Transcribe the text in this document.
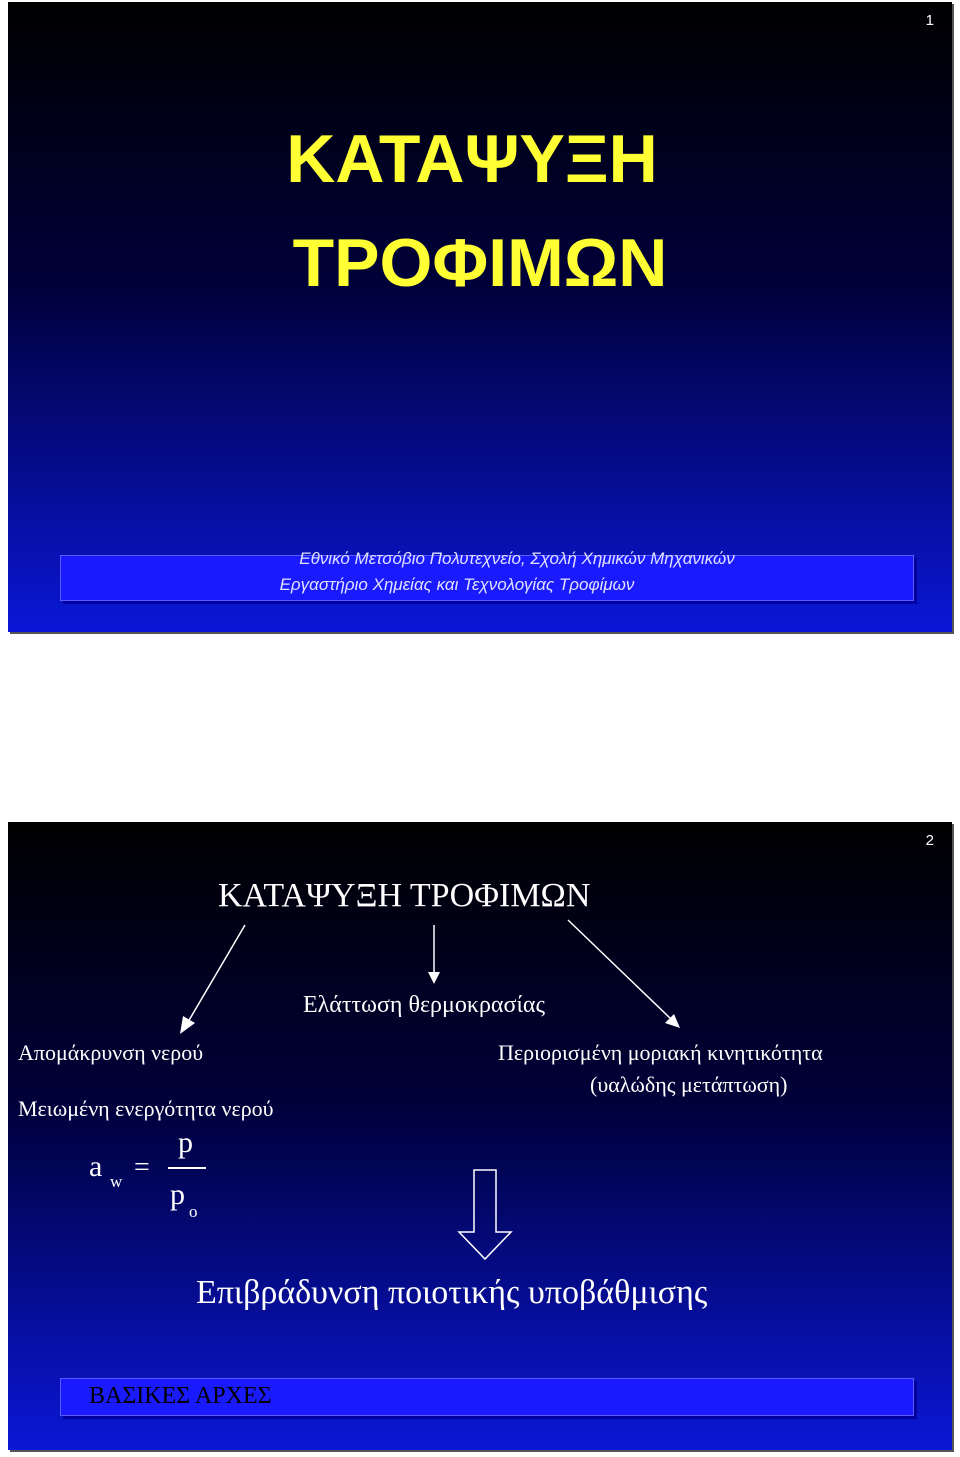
1
ΚΑΤΑΨΥΞΗ
ΤΡΟΦΙΜΩΝ
Εθνικό Μετσόβιο Πολυτεχνείο, Σχολή Χημικών Μηχανικών
Εργαστήριο Χημείας και Τεχνολογίας Τροφίμων
2
ΚΑΤΑΨΥΞΗ ΤΡΟΦΙΜΩΝ
Ελάττωση θερμοκρασίας
Απομάκρυνση νερού	Περιορισμένη μοριακή κινητικότητα
(υαλώδης μετάπτωση)
Μειωμένη ενεργότητα νερού
a w =
p
p
o
Επιβράδυνση ποιοτικής υποβάθμισης
ΒΑΣΙΚΕΣ ΑΡΧΕΣ
